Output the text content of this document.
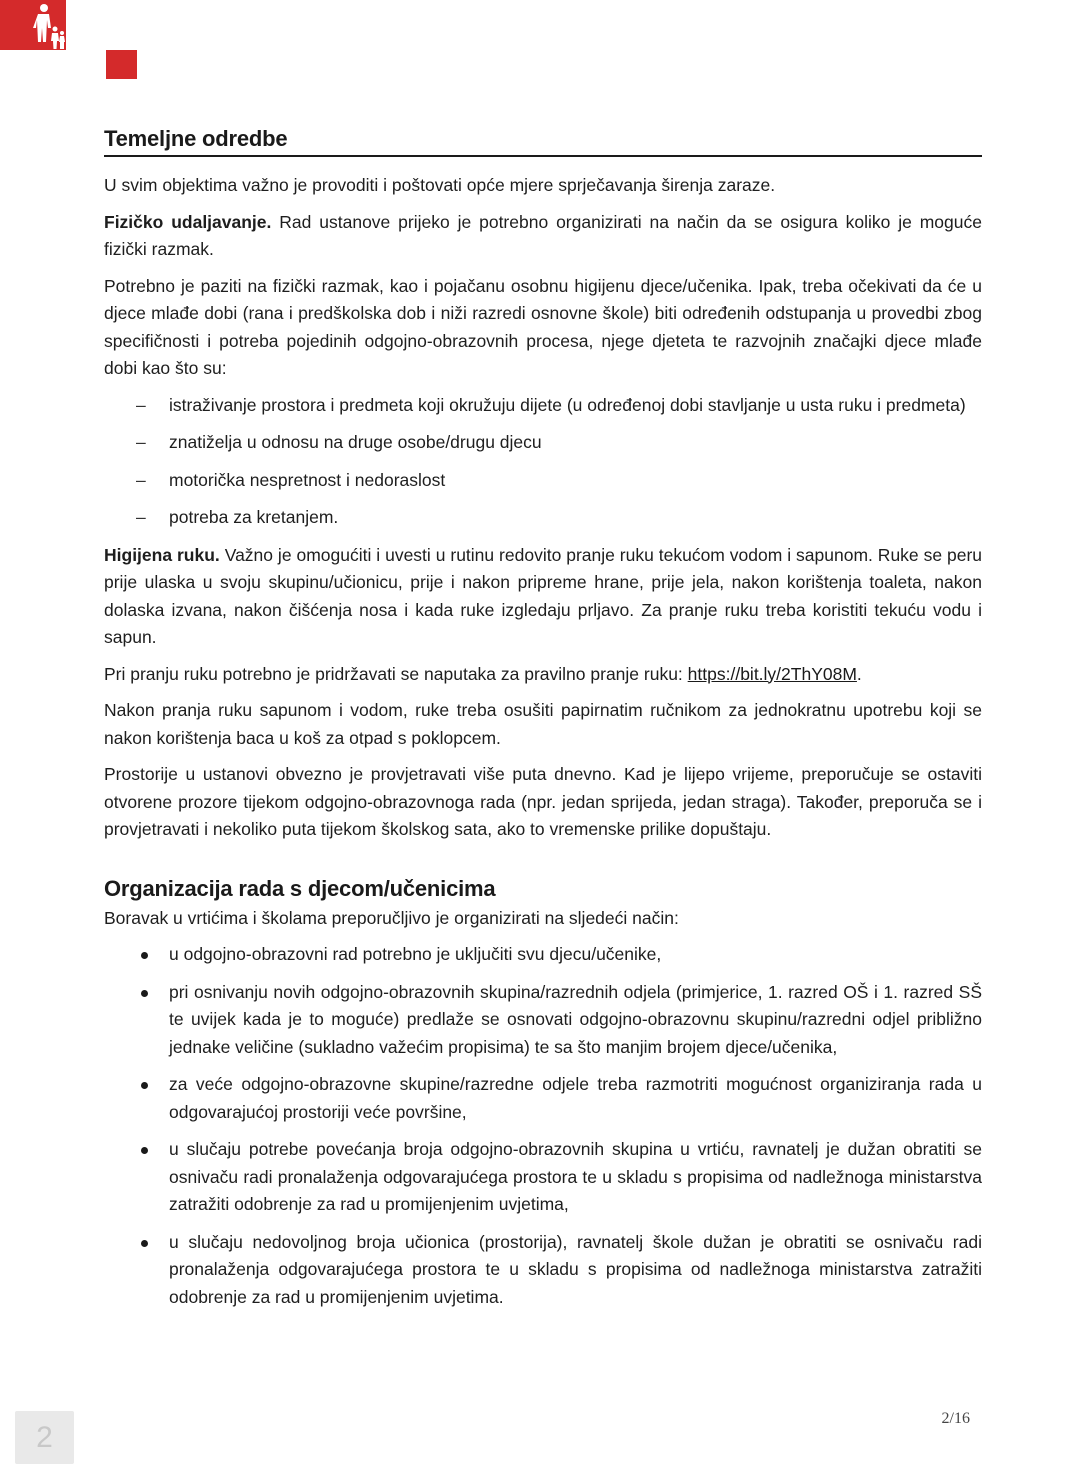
Temeljne odredbe

U svim objektima važno je provoditi i poštovati opće mjere sprječavanja širenja zaraze.

Fizičko udaljavanje. Rad ustanove prijeko je potrebno organizirati na način da se osigura koliko je moguće fizički razmak.

Potrebno je paziti na fizički razmak, kao i pojačanu osobnu higijenu djece/učenika. Ipak, treba očekivati da će u djece mlađe dobi (rana i predškolska dob i niži razredi osnovne škole) biti određenih odstupanja u provedbi zbog specifičnosti i potreba pojedinih odgojno-obrazovnih procesa, njege djeteta te razvojnih značajki djece mlađe dobi kao što su:

– istraživanje prostora i predmeta koji okružuju dijete (u određenoj dobi stavljanje u usta ruku i predmeta)
– znatiželja u odnosu na druge osobe/drugu djecu
– motorička nespretnost i nedoraslost
– potreba za kretanjem.

Higijena ruku. Važno je omogućiti i uvesti u rutinu redovito pranje ruku tekućom vodom i sapunom. Ruke se peru prije ulaska u svoju skupinu/učionicu, prije i nakon pripreme hrane, prije jela, nakon korištenja toaleta, nakon dolaska izvana, nakon čišćenja nosa i kada ruke izgledaju prljavo. Za pranje ruku treba koristiti tekuću vodu i sapun.

Pri pranju ruku potrebno je pridržavati se naputaka za pravilno pranje ruku: https://bit.ly/2ThY08M.

Nakon pranja ruku sapunom i vodom, ruke treba osušiti papirnatim ručnikom za jednokratnu upotrebu koji se nakon korištenja baca u koš za otpad s poklopcem.

Prostorije u ustanovi obvezno je provjetravati više puta dnevno. Kad je lijepo vrijeme, preporučuje se ostaviti otvorene prozore tijekom odgojno-obrazovnoga rada (npr. jedan sprijeda, jedan straga). Također, preporuča se i provjetravati i nekoliko puta tijekom školskog sata, ako to vremenske prilike dopuštaju.

Organizacija rada s djecom/učenicima

Boravak u vrtićima i školama preporučljivo je organizirati na sljedeći način:

u odgojno-obrazovni rad potrebno je uključiti svu djecu/učenike,
pri osnivanju novih odgojno-obrazovnih skupina/razrednih odjela (primjerice, 1. razred OŠ i 1. razred SŠ te uvijek kada je to moguće) predlaže se osnovati odgojno-obrazovnu skupinu/razredni odjel približno jednake veličine (sukladno važećim propisima) te sa što manjim brojem djece/učenika,
za veće odgojno-obrazovne skupine/razredne odjele treba razmotriti mogućnost organiziranja rada u odgovarajućoj prostoriji veće površine,
u slučaju potrebe povećanja broja odgojno-obrazovnih skupina u vrtiću, ravnatelj je dužan obratiti se osnivaču radi pronalaženja odgovarajućega prostora te u skladu s propisima od nadležnoga ministarstva zatražiti odobrenje za rad u promijenjenim uvjetima,
u slučaju nedovoljnog broja učionica (prostorija), ravnatelj škole dužan je obratiti se osnivaču radi pronalaženja odgovarajućega prostora te u skladu s propisima od nadležnoga ministarstva zatražiti odobrenje za rad u promijenjenim uvjetima.
2/16
2
